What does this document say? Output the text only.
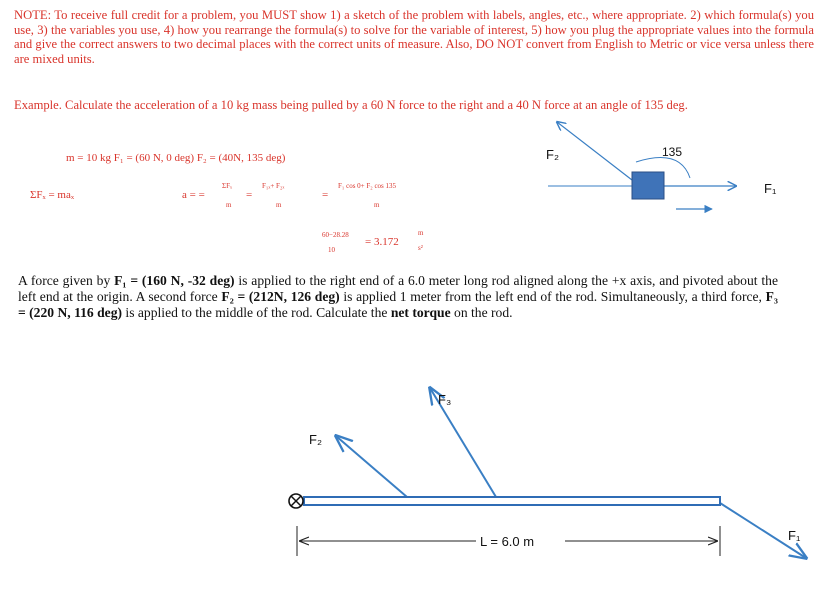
NOTE: To receive full credit for a problem, you MUST show 1) a sketch of the problem with labels, angles, etc., where appropriate. 2) which formula(s) you use, 3) the variables you use, 4) how you rearrange the formula(s) to solve for the variable of interest, 5) how you plug the appropriate values into the formula and give the correct answers to two decimal places with the correct units of measure. Also, DO NOT convert from English to Metric or vice versa unless there are mixed units.
Example. Calculate the acceleration of a 10 kg mass being pulled by a 60 N force to the right and a 40 N force at an angle of 135 deg.
m = 10 kg F₁ = (60 N, 0 deg) F₂ = (40N, 135 deg)
ΣFₓ = maₓ	a = =
ΣFₓ
m
=
F₁ₓ+ F₂ₓ
m
=
F₁ cos 0+ F₂ cos 135
m
60−28.28
10
= 3.172
m
s²
F₂	135
F₁
L = 6.0 m
F₃
F₂
F₁
A force given by F₁ = (160 N, -32 deg) is applied to the right end of a 6.0 meter long rod aligned along the +x axis, and pivoted about the left end at the origin. A second force F₂ = (212N, 126 deg) is applied 1 meter from the left end of the rod. Simultaneously, a third force, F₃ = (220 N, 116 deg) is applied to the middle of the rod. Calculate the net torque on the rod.
